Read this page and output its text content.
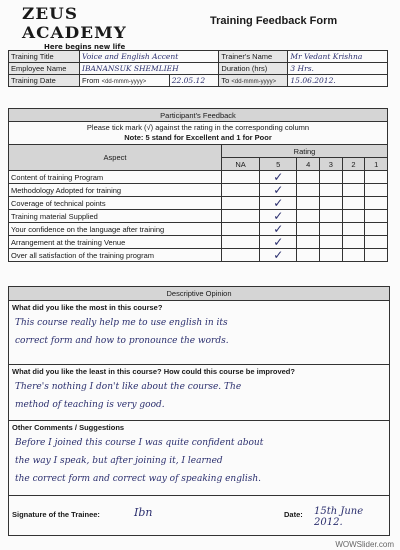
ZEUS ACADEMY
Here begins new life
Training Feedback Form
Training Title	Voice and English Accent		Trainer's Name	Mr Vedant Krishna
Employee Name	IBANANSUK SHEMLIEH		Duration (hrs)	3 Hrs.
Training Date	From <dd-mmm-yyyy>	22.05.12	To <dd-mmm-yyyy>	15.06.2012.
Participant's Feedback						

Please tick mark (√) against the rating in the corresponding column
Note: 5 stand for Excellent and 1 for Poor						

Aspect	Rating					
	NA	5	4	3	2	1
Content of training Program		✓				
Methodology Adopted for training		✓				
Coverage of technical points		✓				
Training material Supplied		✓				
Your confidence on the language after training		✓				
Arrangement at the training Venue		✓				
Over all satisfaction of the training program		✓				
Descriptive Opinion
What did you like the most in this course?
This course really help me to use english in its
correct form and how to pronounce the words.
What did you like the least in this course? How could this course be improved?
There's nothing I don't like about the course. The
method of teaching is very good.
Other Comments / Suggestions
Before I joined this course I was quite confident about
the way I speak, but after joining it, I learned
the correct form and correct way of speaking english.
Signature of the Trainee:	Ibn	Date:	15th June 2012.
WOWSlider.com
